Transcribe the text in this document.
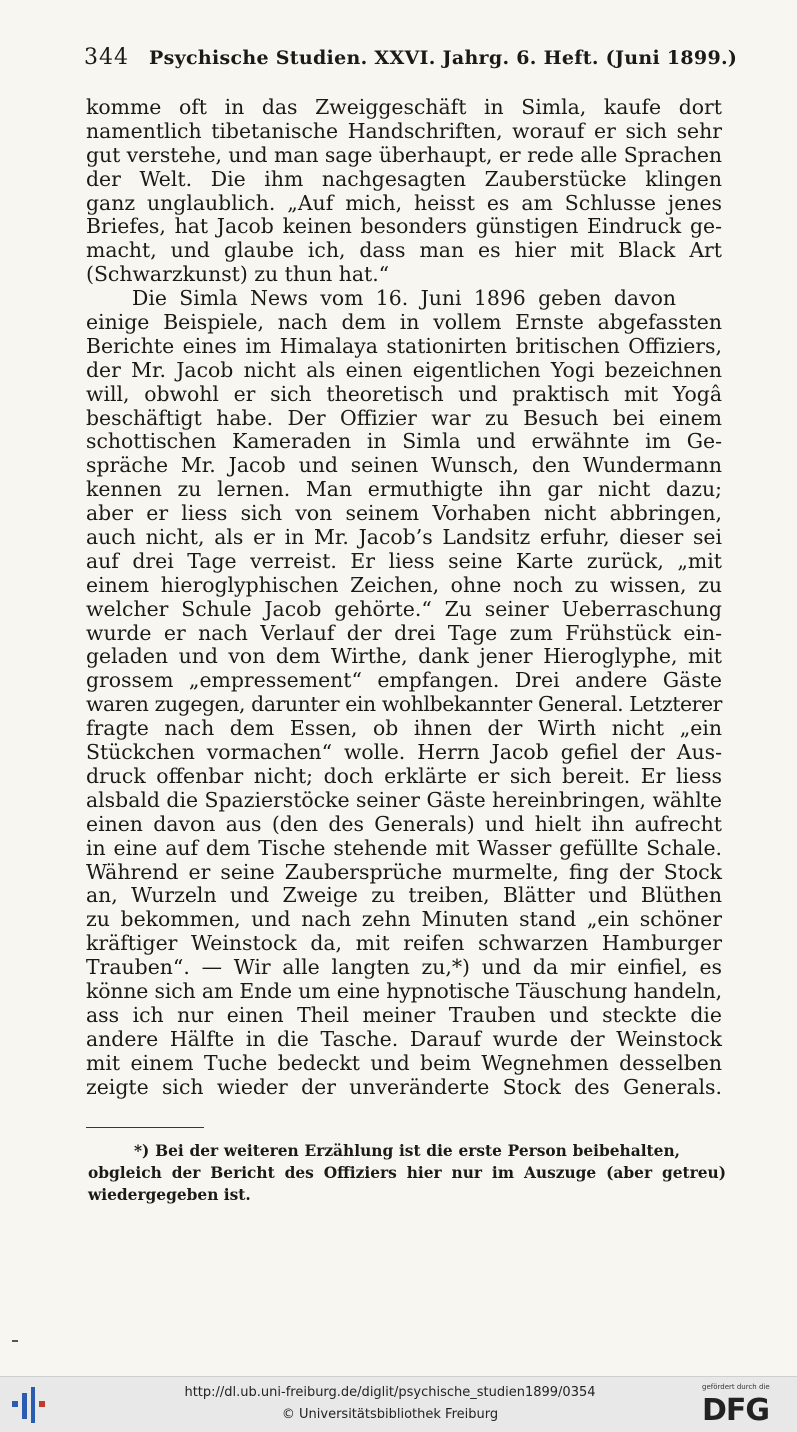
344 Psychische Studien. XXVI. Jahrg. 6. Heft. (Juni 1899.)
komme oft in das Zweiggeschäft in Simla, kaufe dort
namentlich tibetanische Handschriften, worauf er sich sehr
gut verstehe, und man sage überhaupt, er rede alle Sprachen
der Welt. Die ihm nachgesagten Zauberstücke klingen
ganz unglaublich. „Auf mich, heisst es am Schlusse jenes
Briefes, hat Jacob keinen besonders günstigen Eindruck ge-
macht, und glaube ich, dass man es hier mit Black Art
(Schwarzkunst) zu thun hat.“
Die Simla News vom 16. Juni 1896 geben davon
einige Beispiele, nach dem in vollem Ernste abgefassten
Berichte eines im Himalaya stationirten britischen Offiziers,
der Mr. Jacob nicht als einen eigentlichen Yogi bezeichnen
will, obwohl er sich theoretisch und praktisch mit Yogâ
beschäftigt habe. Der Offizier war zu Besuch bei einem
schottischen Kameraden in Simla und erwähnte im Ge-
spräche Mr. Jacob und seinen Wunsch, den Wundermann
kennen zu lernen. Man ermuthigte ihn gar nicht dazu;
aber er liess sich von seinem Vorhaben nicht abbringen,
auch nicht, als er in Mr. Jacob’s Landsitz erfuhr, dieser sei
auf drei Tage verreist. Er liess seine Karte zurück, „mit
einem hieroglyphischen Zeichen, ohne noch zu wissen, zu
welcher Schule Jacob gehörte.“ Zu seiner Ueberraschung
wurde er nach Verlauf der drei Tage zum Frühstück ein-
geladen und von dem Wirthe, dank jener Hieroglyphe, mit
grossem „empressement“ empfangen. Drei andere Gäste
waren zugegen, darunter ein wohlbekannter General. Letzterer
fragte nach dem Essen, ob ihnen der Wirth nicht „ein
Stückchen vormachen“ wolle. Herrn Jacob gefiel der Aus-
druck offenbar nicht; doch erklärte er sich bereit. Er liess
alsbald die Spazierstöcke seiner Gäste hereinbringen, wählte
einen davon aus (den des Generals) und hielt ihn aufrecht
in eine auf dem Tische stehende mit Wasser gefüllte Schale.
Während er seine Zaubersprüche murmelte, fing der Stock
an, Wurzeln und Zweige zu treiben, Blätter und Blüthen
zu bekommen, und nach zehn Minuten stand „ein schöner
kräftiger Weinstock da, mit reifen schwarzen Hamburger
Trauben“. — Wir alle langten zu,*) und da mir einfiel, es
könne sich am Ende um eine hypnotische Täuschung handeln,
ass ich nur einen Theil meiner Trauben und steckte die
andere Hälfte in die Tasche. Darauf wurde der Weinstock
mit einem Tuche bedeckt und beim Wegnehmen desselben
zeigte sich wieder der unveränderte Stock des Generals.
*) Bei der weiteren Erzählung ist die erste Person beibehalten,
obgleich der Bericht des Offiziers hier nur im Auszuge (aber getreu)
wiedergegeben ist.
http://dl.ub.uni-freiburg.de/diglit/psychische_studien1899/0354
© Universitätsbibliothek Freiburg
gefördert durch die
DFG
